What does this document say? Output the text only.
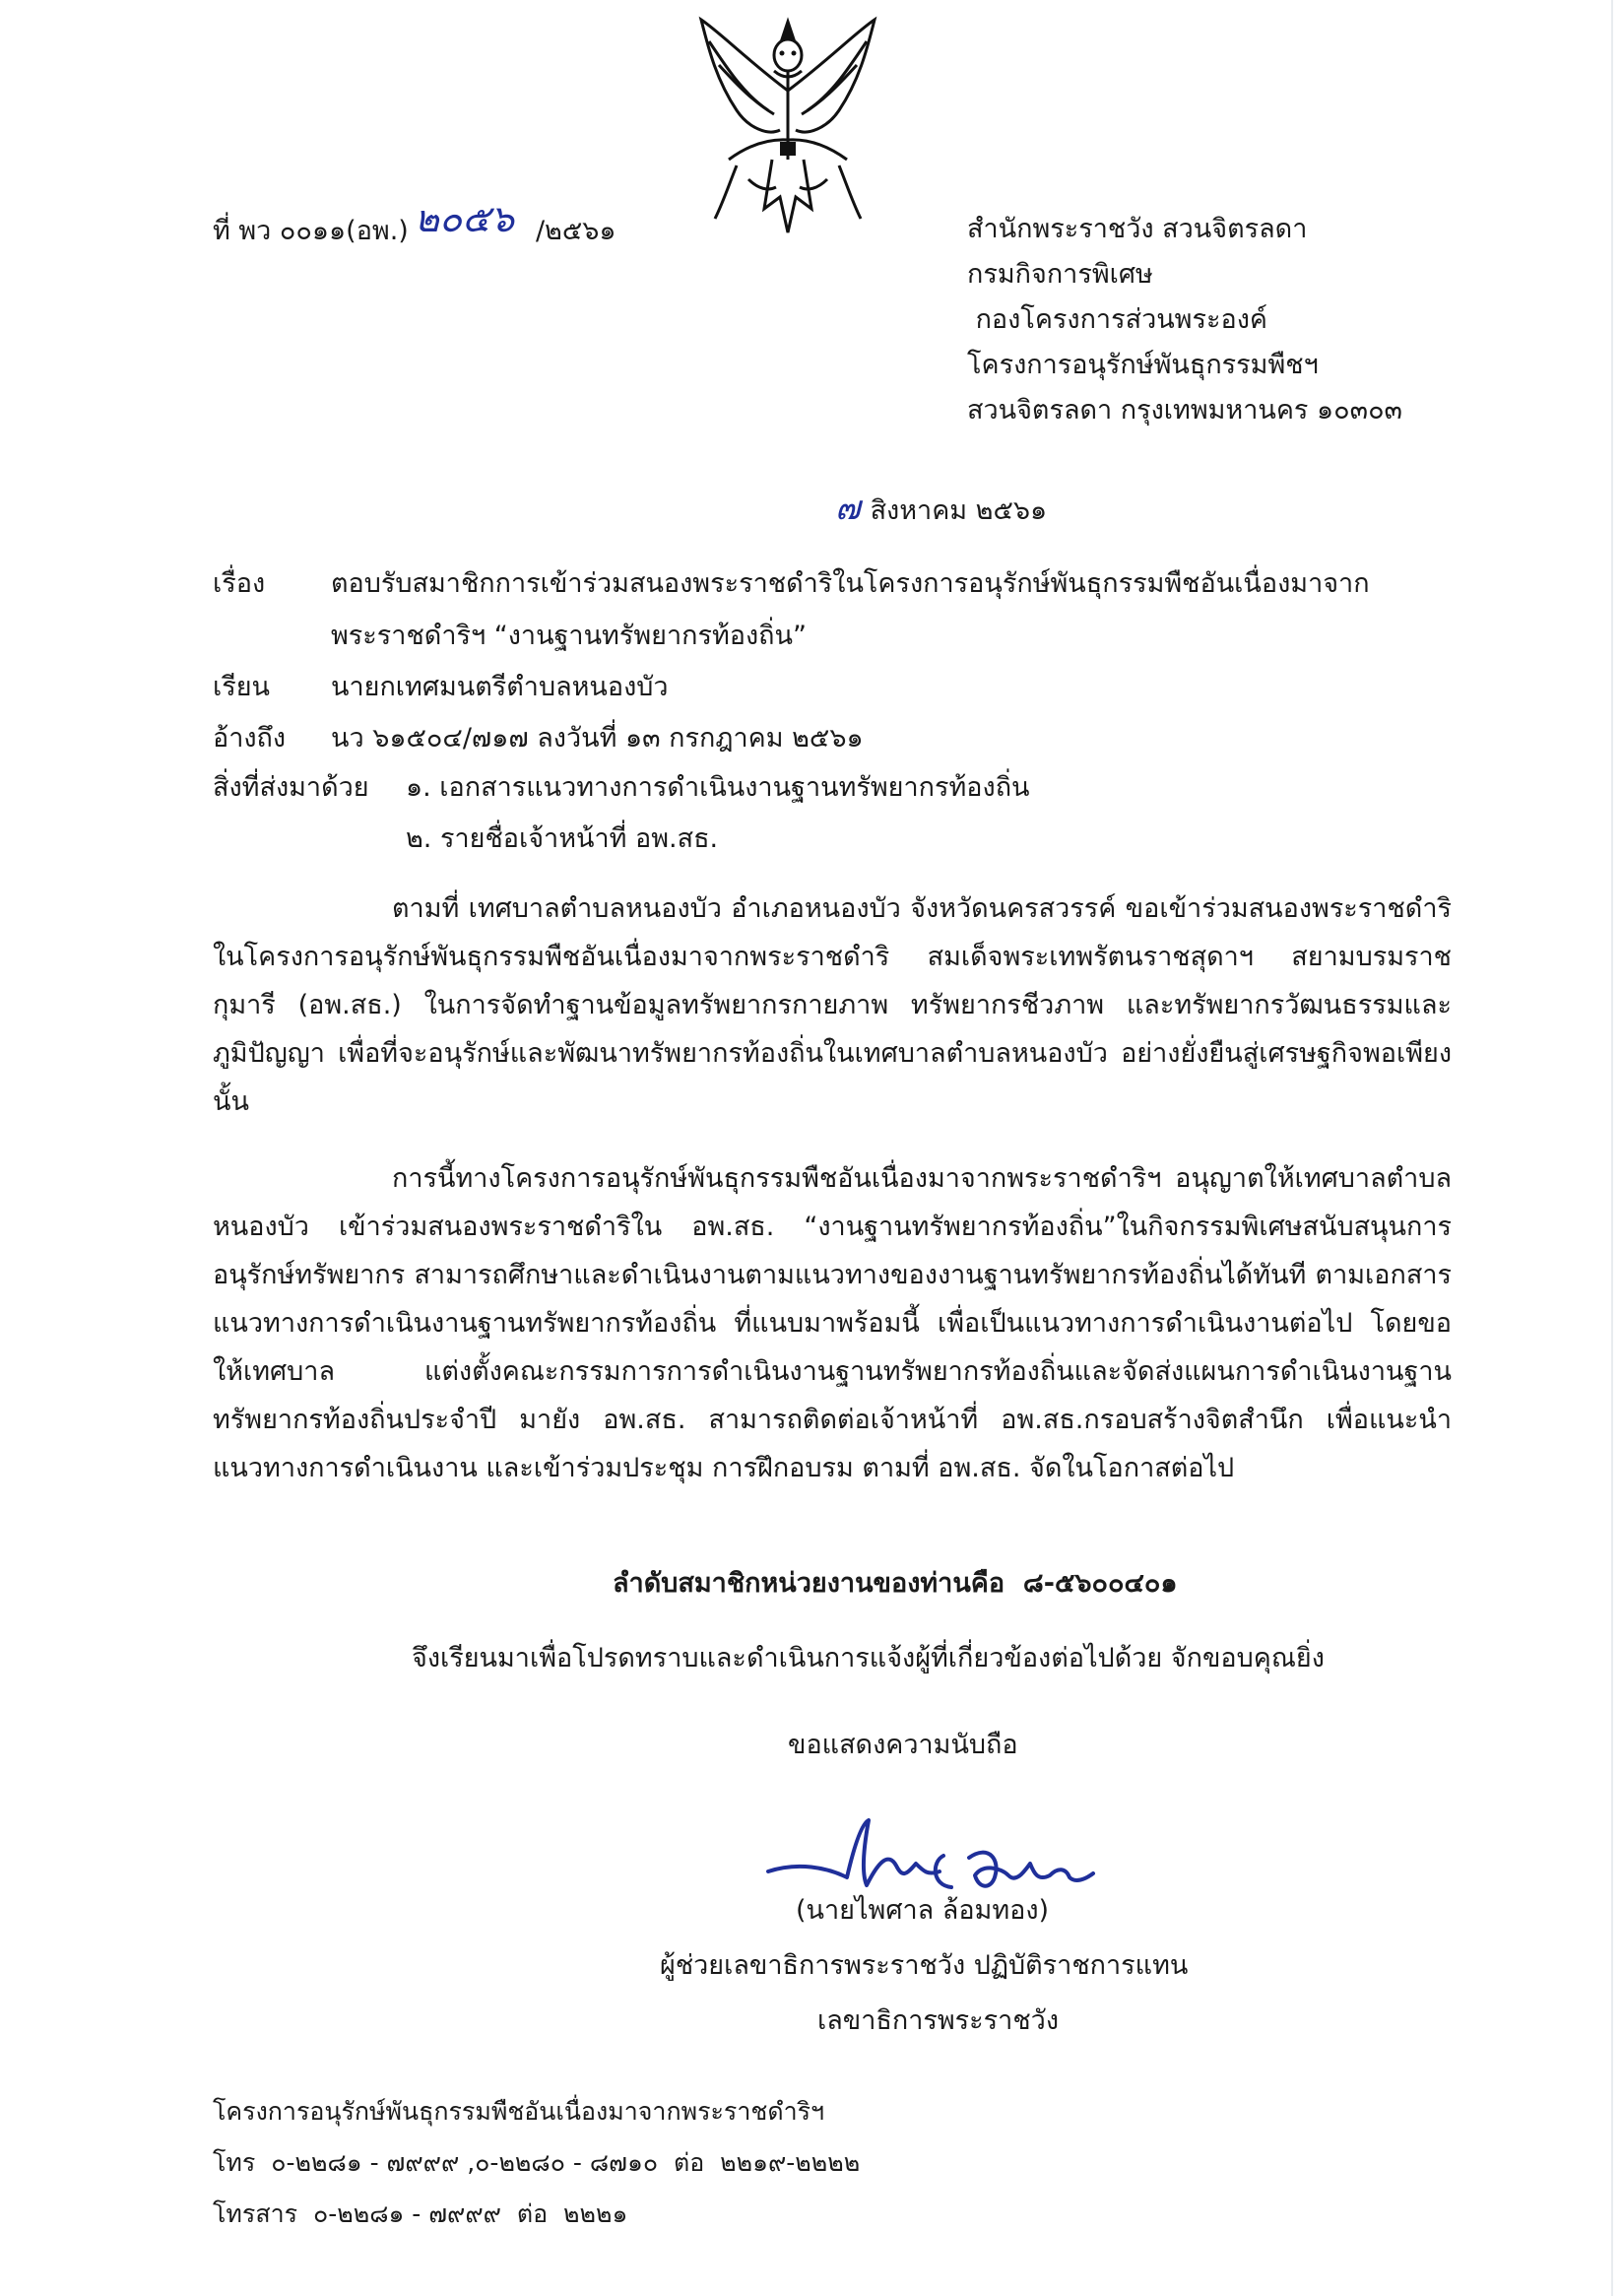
ที่ พว ๐๐๑๑(อพ.) ๒๐๕๖ /๒๕๖๑	สำนักพระราชวัง สวนจิตรลดา
กรมกิจการพิเศษ
กองโครงการส่วนพระองค์
โครงการอนุรักษ์พันธุกรรมพืชฯ
สวนจิตรลดา กรุงเทพมหานคร ๑๐๓๐๓
๗ สิงหาคม ๒๕๖๑
เรื่อง ตอบรับสมาชิกการเข้าร่วมสนองพระราชดำริในโครงการอนุรักษ์พันธุกรรมพืชอันเนื่องมาจาก
พระราชดำริฯ “งานฐานทรัพยากรท้องถิ่น”
เรียน นายกเทศมนตรีตำบลหนองบัว
อ้างถึง นว ๖๑๕๐๔/๗๑๗ ลงวันที่ ๑๓ กรกฎาคม ๒๕๖๑
สิ่งที่ส่งมาด้วย ๑. เอกสารแนวทางการดำเนินงานฐานทรัพยากรท้องถิ่น
๒. รายชื่อเจ้าหน้าที่ อพ.สธ.
ตามที่ เทศบาลตำบลหนองบัว อำเภอหนองบัว จังหวัดนครสวรรค์ ขอเข้าร่วมสนองพระราชดำริในโครงการอนุรักษ์พันธุกรรมพืชอันเนื่องมาจากพระราชดำริ สมเด็จพระเทพรัตนราชสุดาฯ สยามบรมราชกุมารี (อพ.สธ.) ในการจัดทำฐานข้อมูลทรัพยากรกายภาพ ทรัพยากรชีวภาพ และทรัพยากรวัฒนธรรมและภูมิปัญญา เพื่อที่จะอนุรักษ์และพัฒนาทรัพยากรท้องถิ่นในเทศบาลตำบลหนองบัว อย่างยั่งยืนสู่เศรษฐกิจพอเพียง นั้น
การนี้ทางโครงการอนุรักษ์พันธุกรรมพืชอันเนื่องมาจากพระราชดำริฯ อนุญาตให้เทศบาลตำบลหนองบัว เข้าร่วมสนองพระราชดำริใน อพ.สธ. “งานฐานทรัพยากรท้องถิ่น”ในกิจกรรมพิเศษสนับสนุนการอนุรักษ์ทรัพยากร สามารถศึกษาและดำเนินงานตามแนวทางของงานฐานทรัพยากรท้องถิ่นได้ทันที ตามเอกสารแนวทางการดำเนินงานฐานทรัพยากรท้องถิ่น ที่แนบมาพร้อมนี้ เพื่อเป็นแนวทางการดำเนินงานต่อไป โดยขอให้เทศบาล แต่งตั้งคณะกรรมการการดำเนินงานฐานทรัพยากรท้องถิ่นและจัดส่งแผนการดำเนินงานฐานทรัพยากรท้องถิ่นประจำปี มายัง อพ.สธ. สามารถติดต่อเจ้าหน้าที่ อพ.สธ.กรอบสร้างจิตสำนึก เพื่อแนะนำแนวทางการดำเนินงาน และเข้าร่วมประชุม การฝึกอบรม ตามที่ อพ.สธ. จัดในโอกาสต่อไป
ลำดับสมาชิกหน่วยงานของท่านคือ ๘-๕๖๐๐๔๐๑
จึงเรียนมาเพื่อโปรดทราบและดำเนินการแจ้งผู้ที่เกี่ยวข้องต่อไปด้วย จักขอบคุณยิ่ง
ขอแสดงความนับถือ
(นายไพศาล ล้อมทอง)
ผู้ช่วยเลขาธิการพระราชวัง ปฏิบัติราชการแทน
เลขาธิการพระราชวัง
โครงการอนุรักษ์พันธุกรรมพืชอันเนื่องมาจากพระราชดำริฯ
โทร  ๐-๒๒๘๑ - ๗๙๙๙ ,๐-๒๒๘๐ - ๘๗๑๐  ต่อ  ๒๒๑๙-๒๒๒๒
โทรสาร  ๐-๒๒๘๑ - ๗๙๙๙  ต่อ  ๒๒๒๑
